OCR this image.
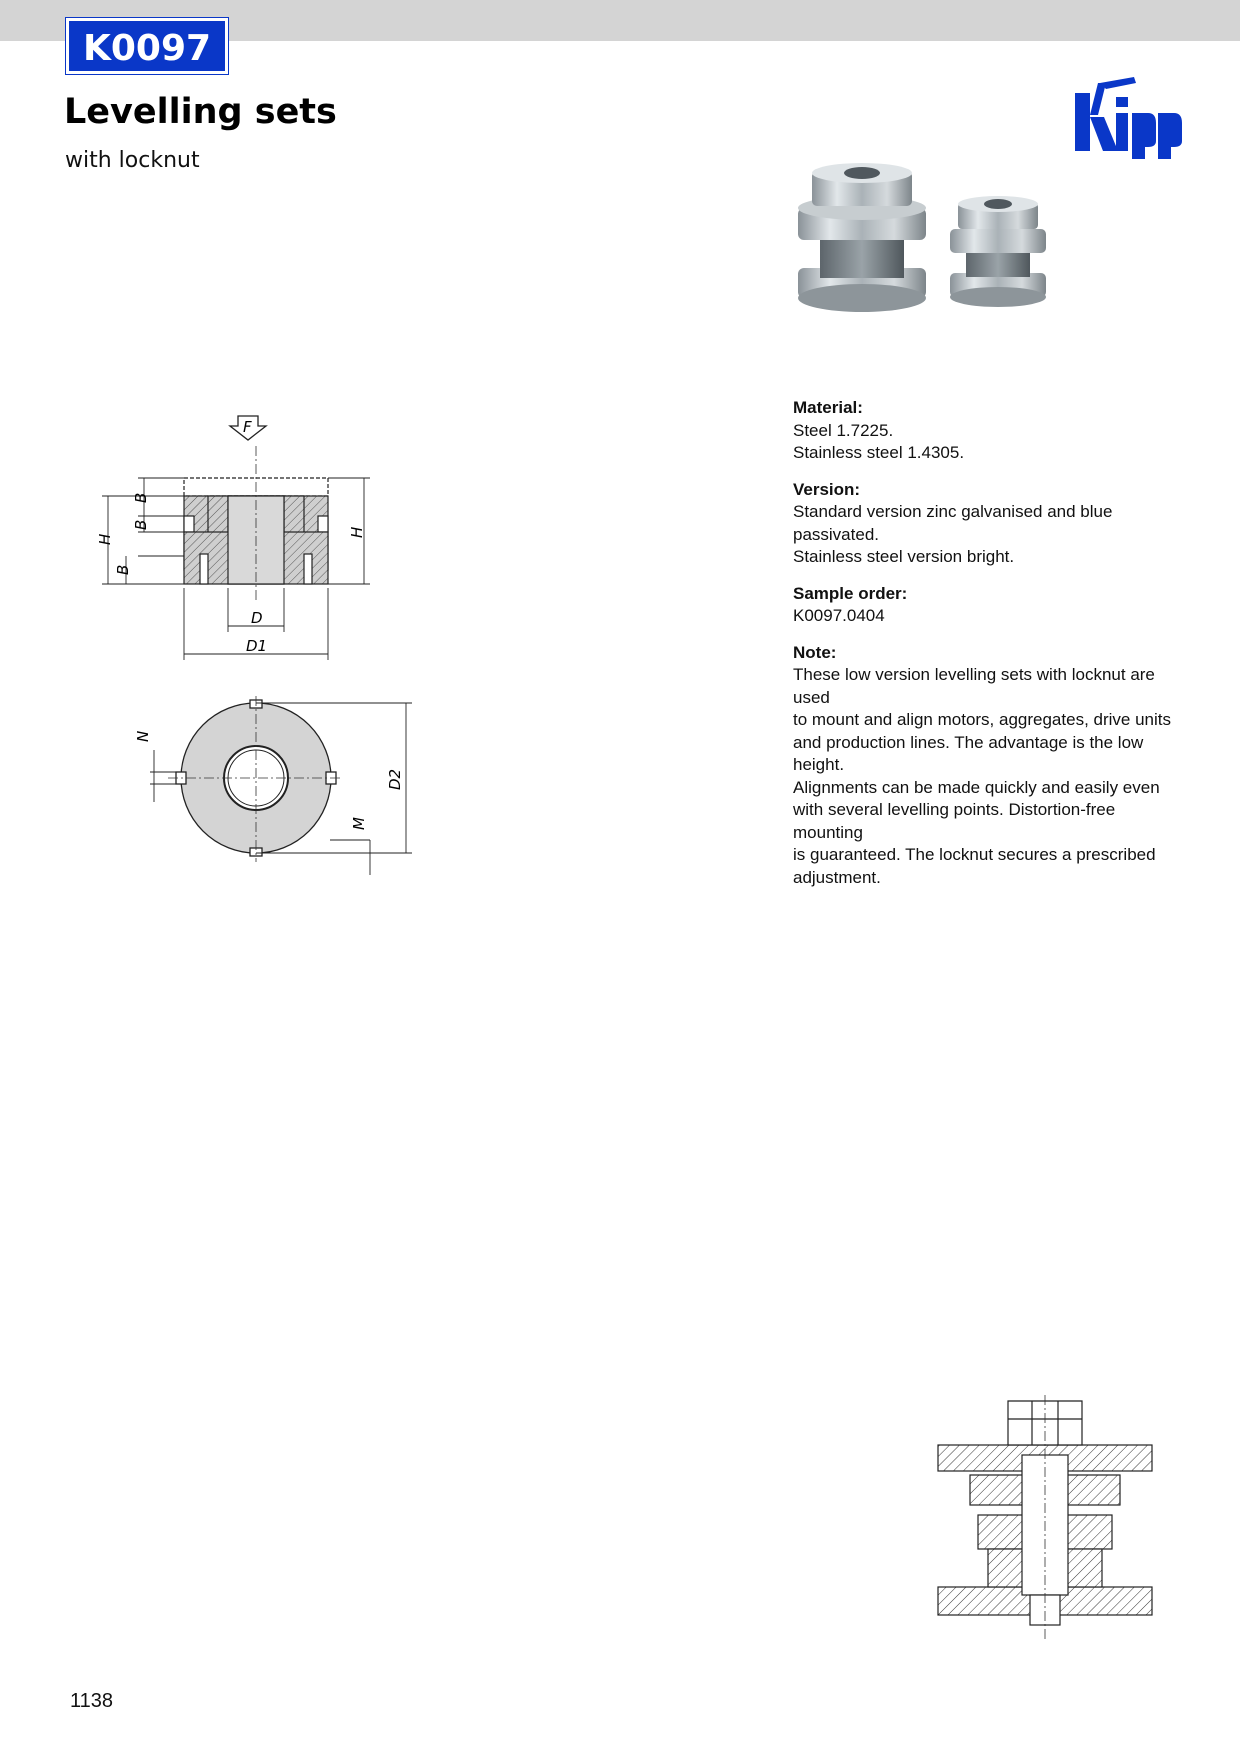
K0097
Levelling sets
with locknut
Material:

Steel 1.7225.

Stainless steel 1.4305.

Version:

Standard version zinc galvanised and blue passivated.

Stainless steel version bright.

Sample order:

K0097.0404

Note:

These low version levelling sets with locknut are used

to mount and align motors, aggregates, drive units

and production lines. The advantage is the low height.

Alignments can be made quickly and easily even

with several levelling points. Distortion-free mounting

is guaranteed. The locknut secures a prescribed

adjustment.

F
H
B
B
B
H
D
D1
N
D2
M
1138
